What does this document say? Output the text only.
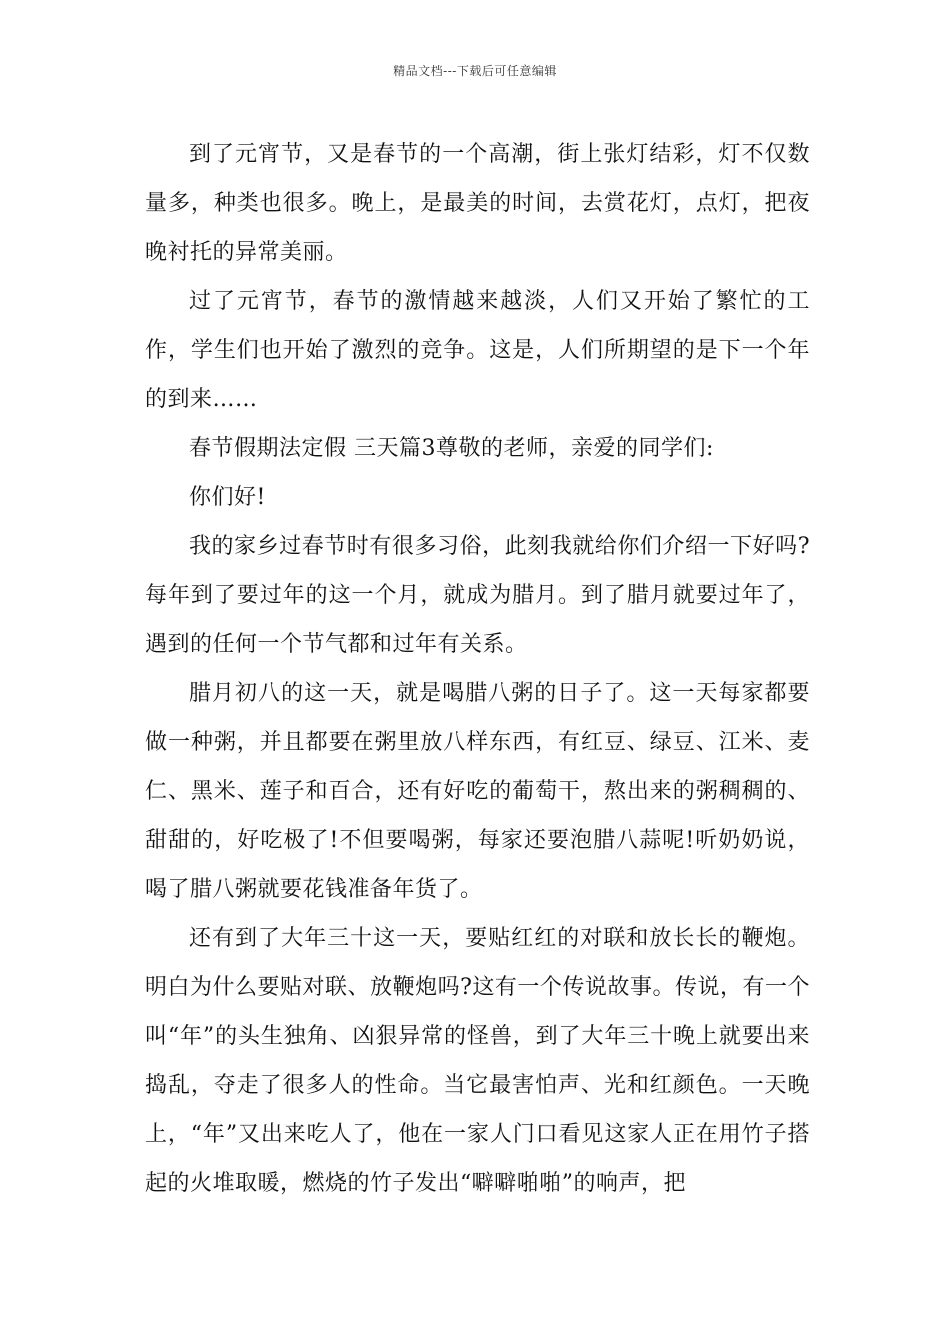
精品文档---下载后可任意编辑

到了元宵节，又是春节的一个高潮，街上张灯结彩，灯不仅数量多，种类也很多。晚上，是最美的时间，去赏花灯，点灯，把夜晚衬托的异常美丽。

过了元宵节，春节的激情越来越淡，人们又开始了繁忙的工作，学生们也开始了激烈的竞争。这是，人们所期望的是下一个年的到来……

春节假期法定假 三天篇3尊敬的老师，亲爱的同学们:

你们好!

我的家乡过春节时有很多习俗，此刻我就给你们介绍一下好吗?每年到了要过年的这一个月，就成为腊月。到了腊月就要过年了，遇到的任何一个节气都和过年有关系。

腊月初八的这一天，就是喝腊八粥的日子了。这一天每家都要做一种粥，并且都要在粥里放八样东西，有红豆、绿豆、江米、麦仁、黑米、莲子和百合，还有好吃的葡萄干，熬出来的粥稠稠的、甜甜的，好吃极了!不但要喝粥，每家还要泡腊八蒜呢!听奶奶说，喝了腊八粥就要花钱准备年货了。

还有到了大年三十这一天，要贴红红的对联和放长长的鞭炮。明白为什么要贴对联、放鞭炮吗?这有一个传说故事。传说，有一个叫“年”的头生独角、凶狠异常的怪兽，到了大年三十晚上就要出来捣乱，夺走了很多人的性命。当它最害怕声、光和红颜色。一天晚上，“年”又出来吃人了，他在一家人门口看见这家人正在用竹子搭起的火堆取暖，燃烧的竹子发出“噼噼啪啪”的响声，把
